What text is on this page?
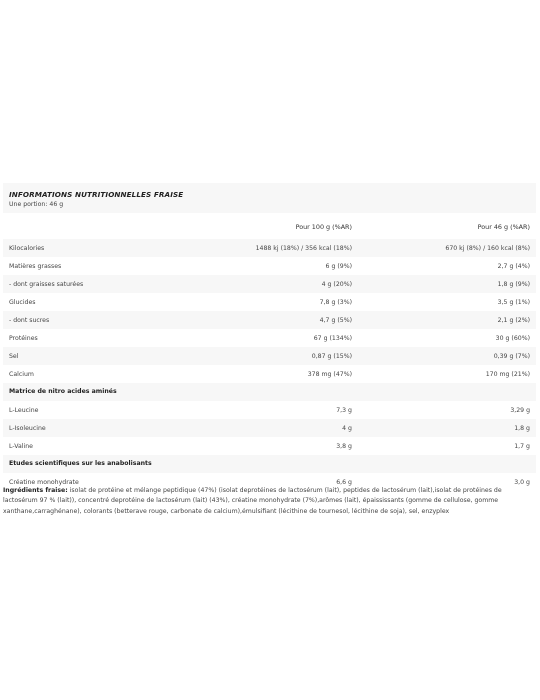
INFORMATIONS NUTRITIONNELLES FRAISE
Une portion: 46 g
Pour 100 g (%AR)	Pour 46 g (%AR)
Kilocalories	1488 kj (18%) / 356 kcal (18%)	670 kj (8%) / 160 kcal (8%)
Matières grasses	6 g (9%)	2,7 g (4%)
- dont graisses saturées	4 g (20%)	1,8 g (9%)
Glucides	7,8 g (3%)	3,5 g (1%)
- dont sucres	4,7 g (5%)	2,1 g (2%)
Protéines	67 g (134%)	30 g (60%)
Sel	0,87 g (15%)	0,39 g (7%)
Calcium	378 mg (47%)	170 mg (21%)
Matrice de nitro acides aminés
L-Leucine	7,3 g	3,29 g
L-Isoleucine	4 g	1,8 g
L-Valine	3,8 g	1,7 g
Etudes scientifiques sur les anabolisants
Créatine monohydrate	6,6 g	3,0 g
Ingrédients fraise: isolat de protéine et mélange peptidique (47%) (isolat deprotéines de lactosérum (lait), peptides de lactosérum (lait),isolat de protéines de lactosérum 97 % (lait)), concentré deprotéine de lactosérum (lait) (43%), créatine monohydrate (7%),arômes (lait), épaississants (gomme de cellulose, gomme xanthane,carraghénane), colorants (betterave rouge, carbonate de calcium),émulsifiant (lécithine de tournesol, lécithine de soja), sel, enzyplex
